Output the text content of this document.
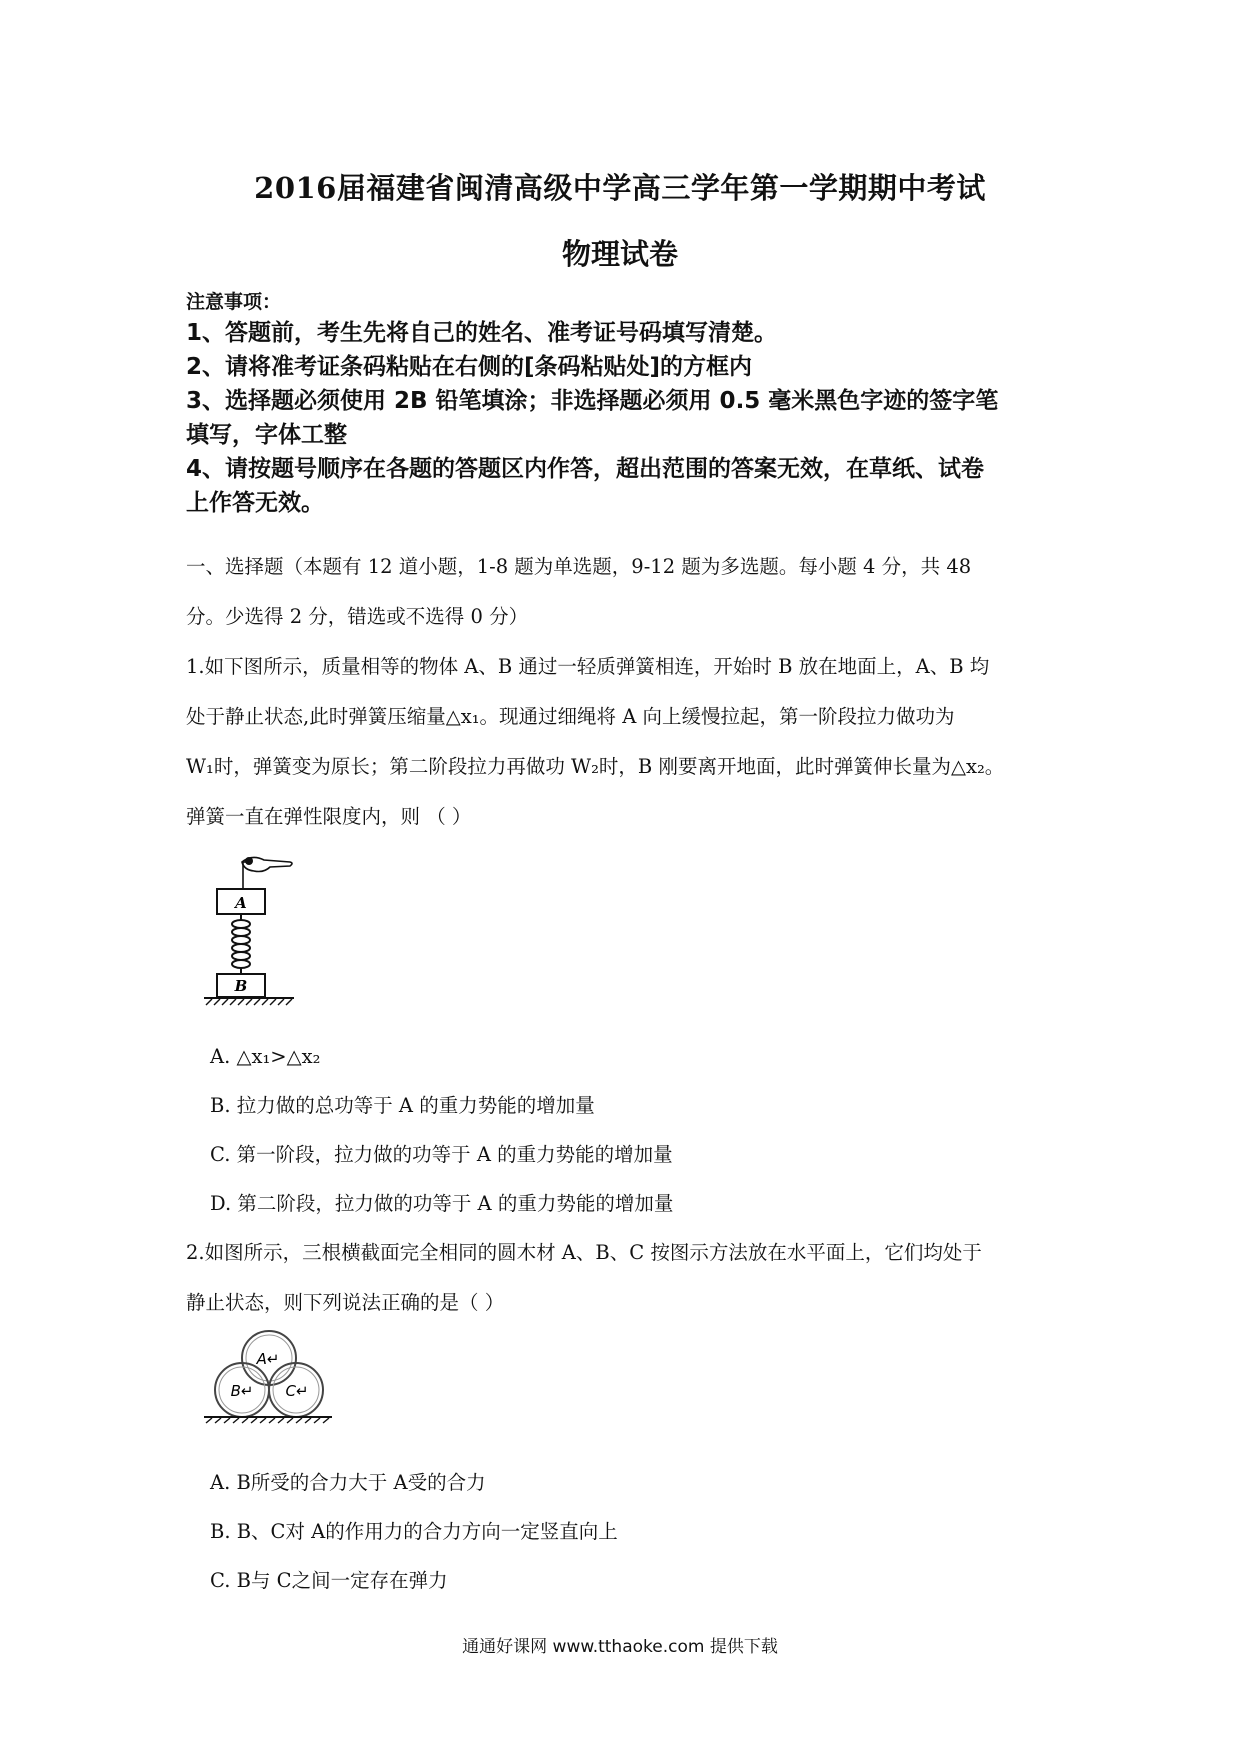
2016届福建省闽清高级中学高三学年第一学期期中考试
物理试卷
注意事项：
1、答题前，考生先将自己的姓名、准考证号码填写清楚。
2、请将准考证条码粘贴在右侧的[条码粘贴处]的方框内
3、选择题必须使用 2B 铅笔填涂；非选择题必须用 0.5 毫米黑色字迹的签字笔
填写，字体工整
4、请按题号顺序在各题的答题区内作答，超出范围的答案无效，在草纸、试卷
上作答无效。
一、选择题（本题有 12 道小题，1-8 题为单选题，9-12 题为多选题。每小题 4 分，共 48
分。少选得 2 分，错选或不选得 0 分）
1.如下图所示，质量相等的物体 A、B 通过一轻质弹簧相连，开始时 B 放在地面上，A、B 均
处于静止状态,此时弹簧压缩量△x₁。现通过细绳将 A 向上缓慢拉起，第一阶段拉力做功为
W₁时，弹簧变为原长；第二阶段拉力再做功 W₂时，B 刚要离开地面，此时弹簧伸长量为△x₂。
弹簧一直在弹性限度内，则 （ ）
A
B
A. △x₁>△x₂
B. 拉力做的总功等于 A 的重力势能的增加量
C. 第一阶段，拉力做的功等于 A 的重力势能的增加量
D. 第二阶段，拉力做的功等于 A 的重力势能的增加量
2.如图所示，三根横截面完全相同的圆木材 A、B、C 按图示方法放在水平面上，它们均处于
静止状态，则下列说法正确的是（ ）
A↵
B↵ C↵
A. B所受的合力大于 A受的合力
B. B、C对 A的作用力的合力方向一定竖直向上
C. B与 C之间一定存在弹力
通通好课网 www.tthaoke.com 提供下载
